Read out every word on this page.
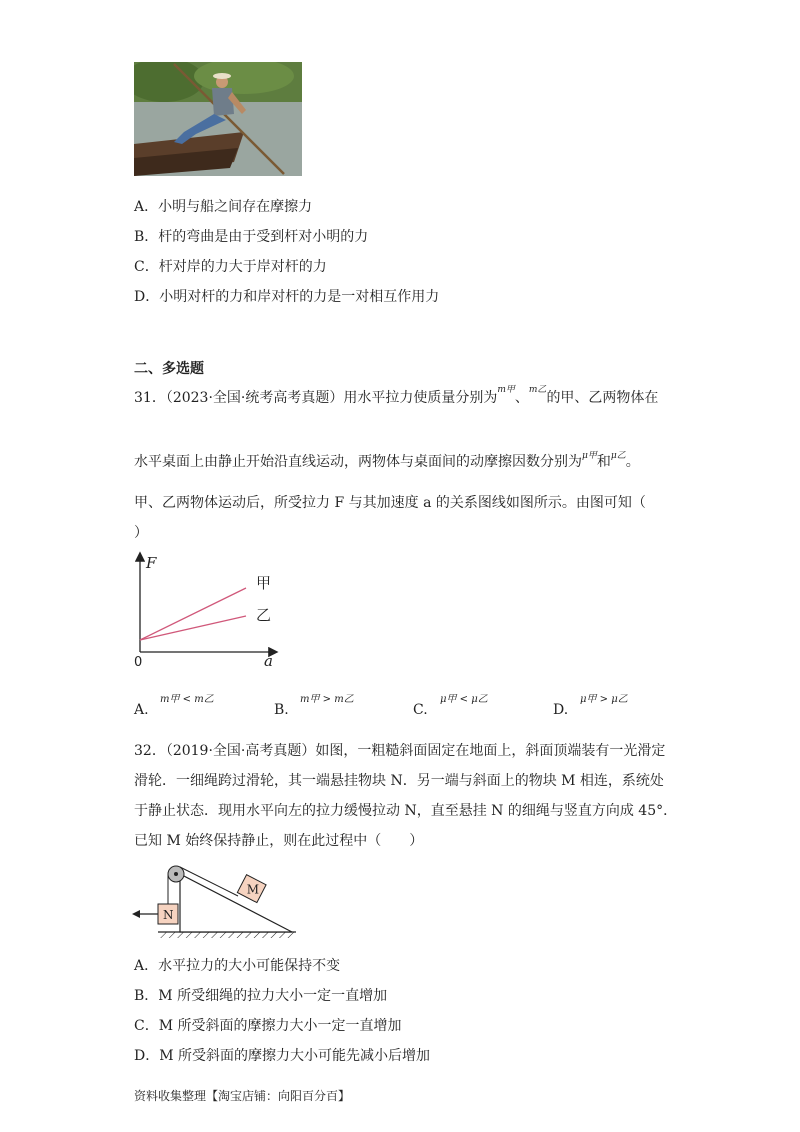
A．小明与船之间存在摩擦力
B．杆的弯曲是由于受到杆对小明的力
C．杆对岸的力大于岸对杆的力
D．小明对杆的力和岸对杆的力是一对相互作用力
二、多选题
31．（2023·全国·统考高考真题）用水平拉力使质量分别为$^{m甲}$、$^{m乙}$的甲、乙两物体在
水平桌面上由静止开始沿直线运动，两物体与桌面间的动摩擦因数分别为$^{\mu 甲}$和$^{\mu 乙}$。
甲、乙两物体运动后，所受拉力 F 与其加速度 a 的关系图线如图所示。由图可知（
）
F
a
0
甲
乙
A.
m甲 < m乙
B.
m甲 > m乙
C.
μ甲 < μ乙
D.
μ甲 > μ乙
32．（2019·全国·高考真题）如图，一粗糙斜面固定在地面上，斜面顶端装有一光滑定
滑轮．一细绳跨过滑轮，其一端悬挂物块 N．另一端与斜面上的物块 M 相连，系统处
于静止状态．现用水平向左的拉力缓慢拉动 N，直至悬挂 N 的细绳与竖直方向成 45°．
已知 M 始终保持静止，则在此过程中（　　）
M
N
A．水平拉力的大小可能保持不变
B．M 所受细绳的拉力大小一定一直增加
C．M 所受斜面的摩擦力大小一定一直增加
D．M 所受斜面的摩擦力大小可能先减小后增加
资料收集整理【淘宝店铺：向阳百分百】
